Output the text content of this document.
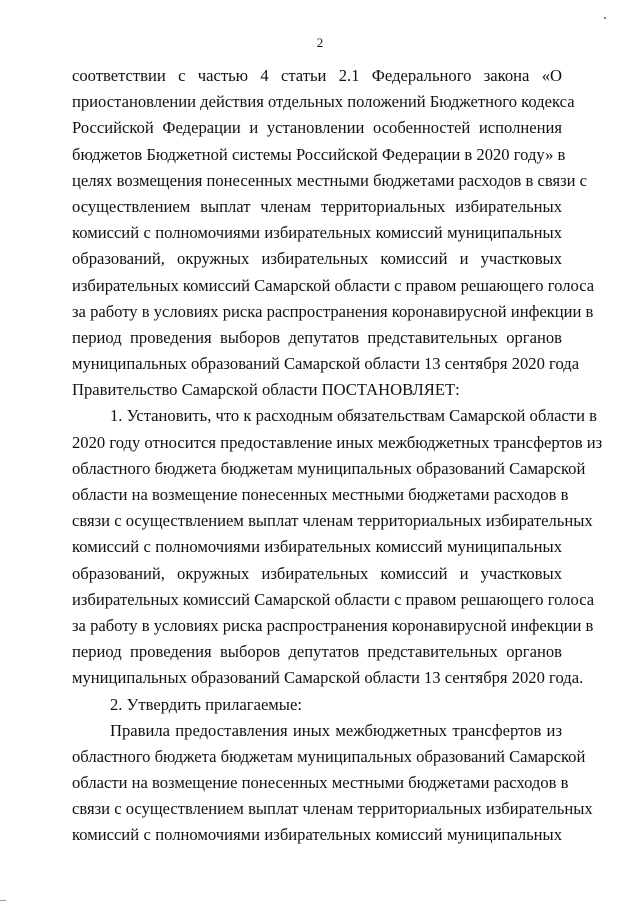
2
соответствии с частью 4 статьи 2.1 Федерального закона «О
приостановлении действия отдельных положений Бюджетного кодекса
Российской Федерации и установлении особенностей исполнения
бюджетов Бюджетной системы Российской Федерации в 2020 году» в
целях возмещения понесенных местными бюджетами расходов в связи с
осуществлением выплат членам территориальных избирательных
комиссий с полномочиями избирательных комиссий муниципальных
образований, окружных избирательных комиссий и участковых
избирательных комиссий Самарской области с правом решающего голоса
за работу в условиях риска распространения коронавирусной инфекции в
период проведения выборов депутатов представительных органов
муниципальных образований Самарской области 13 сентября 2020 года
Правительство Самарской области ПОСТАНОВЛЯЕТ:
1. Установить, что к расходным обязательствам Самарской области в
2020 году относится предоставление иных межбюджетных трансфертов из
областного бюджета бюджетам муниципальных образований Самарской
области на возмещение понесенных местными бюджетами расходов в
связи с осуществлением выплат членам территориальных избирательных
комиссий с полномочиями избирательных комиссий муниципальных
образований, окружных избирательных комиссий и участковых
избирательных комиссий Самарской области с правом решающего голоса
за работу в условиях риска распространения коронавирусной инфекции в
период проведения выборов депутатов представительных органов
муниципальных образований Самарской области 13 сентября 2020 года.
2. Утвердить прилагаемые:
Правила предоставления иных межбюджетных трансфертов из
областного бюджета бюджетам муниципальных образований Самарской
области на возмещение понесенных местными бюджетами расходов в
связи с осуществлением выплат членам территориальных избирательных
комиссий с полномочиями избирательных комиссий муниципальных
